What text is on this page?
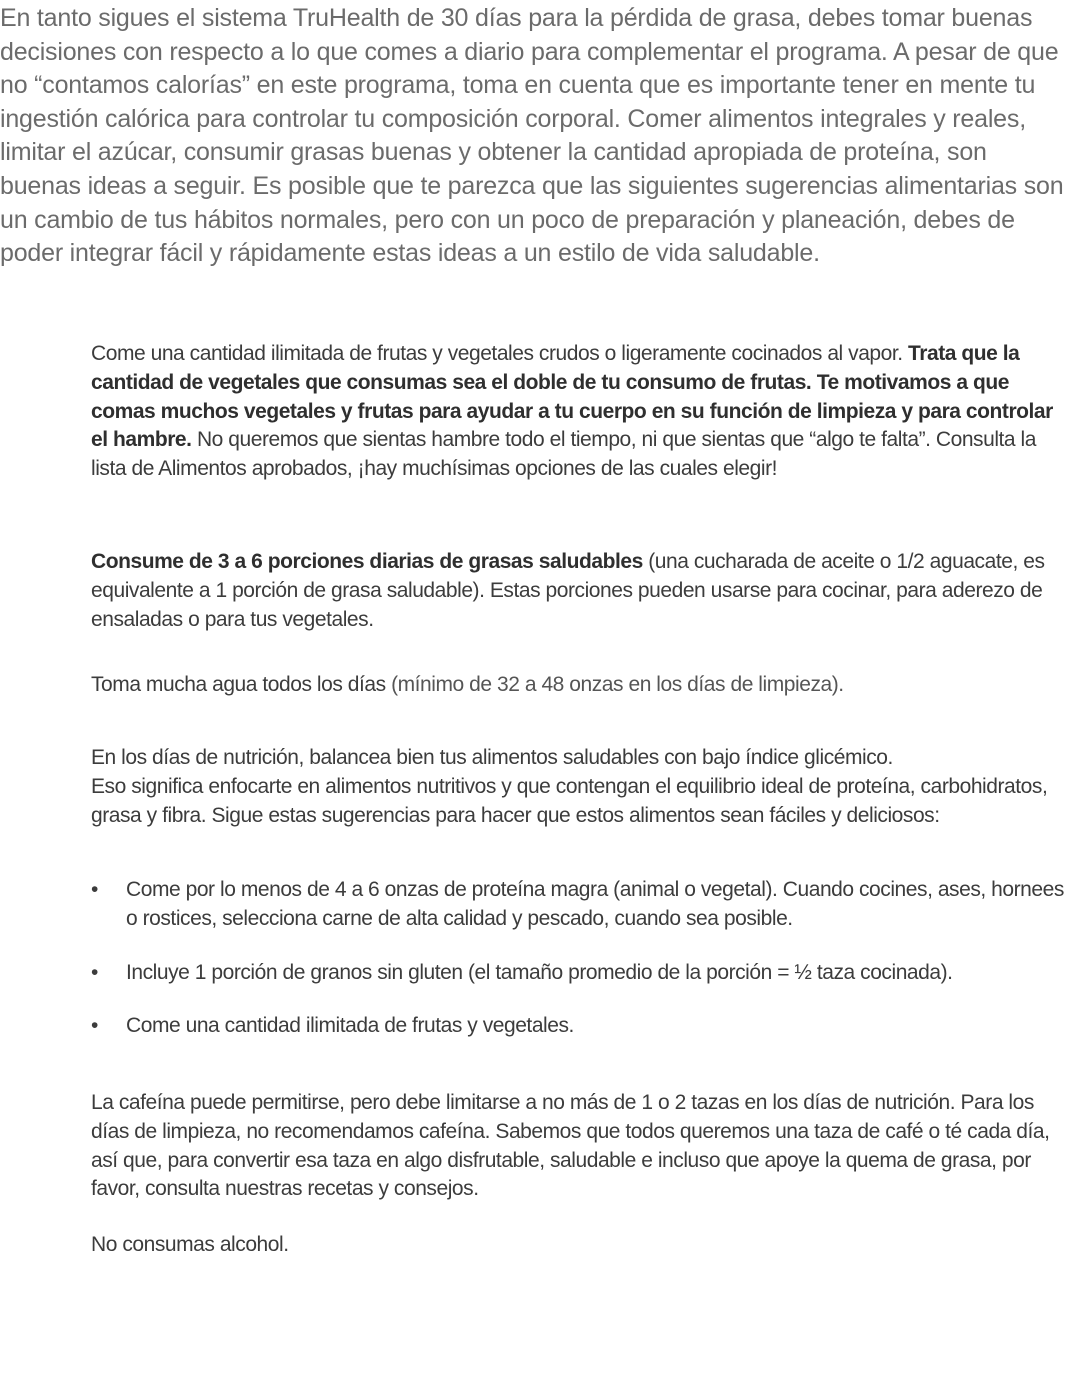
En tanto sigues el sistema TruHealth de 30 días para la pérdida de grasa, debes tomar buenas decisiones con respecto a lo que comes a diario para complementar el programa. A pesar de que no “contamos calorías” en este programa, toma en cuenta que es importante tener en mente tu ingestión calórica para controlar tu composición corporal. Comer alimentos integrales y reales, limitar el azúcar, consumir grasas buenas y obtener la cantidad apropiada de proteína, son buenas ideas a seguir. Es posible que te parezca que las siguientes sugerencias alimentarias son un cambio de tus hábitos normales, pero con un poco de preparación y planeación, debes de poder integrar fácil y rápidamente estas ideas a un estilo de vida saludable.

Come una cantidad ilimitada de frutas y vegetales crudos o ligeramente cocinados al vapor. Trata que la cantidad de vegetales que consumas sea el doble de tu consumo de frutas. Te motivamos a que comas muchos vegetales y frutas para ayudar a tu cuerpo en su función de limpieza y para controlar el hambre. No queremos que sientas hambre todo el tiempo, ni que sientas que “algo te falta”. Consulta la lista de Alimentos aprobados, ¡hay muchísimas opciones de las cuales elegir!

Consume de 3 a 6 porciones diarias de grasas saludables (una cucharada de aceite o 1/2 aguacate, es equivalente a 1 porción de grasa saludable). Estas porciones pueden usarse para cocinar, para aderezo de ensaladas o para tus vegetales.

Toma mucha agua todos los días (mínimo de 32 a 48 onzas en los días de limpieza).

En los días de nutrición, balancea bien tus alimentos saludables con bajo índice glicémico.
Eso significa enfocarte en alimentos nutritivos y que contengan el equilibrio ideal de proteína, carbohidratos, grasa y fibra. Sigue estas sugerencias para hacer que estos alimentos sean fáciles y deliciosos:

•	Come por lo menos de 4 a 6 onzas de proteína magra (animal o vegetal). Cuando cocines, ases, hornees o rostices, selecciona carne de alta calidad y pescado, cuando sea posible.
•	Incluye 1 porción de granos sin gluten (el tamaño promedio de la porción = ½ taza cocinada).
•	Come una cantidad ilimitada de frutas y vegetales.

La cafeína puede permitirse, pero debe limitarse a no más de 1 o 2 tazas en los días de nutrición. Para los días de limpieza, no recomendamos cafeína. Sabemos que todos queremos una taza de café o té cada día, así que, para convertir esa taza en algo disfrutable, saludable e incluso que apoye la quema de grasa, por favor, consulta nuestras recetas y consejos.

No consumas alcohol.
